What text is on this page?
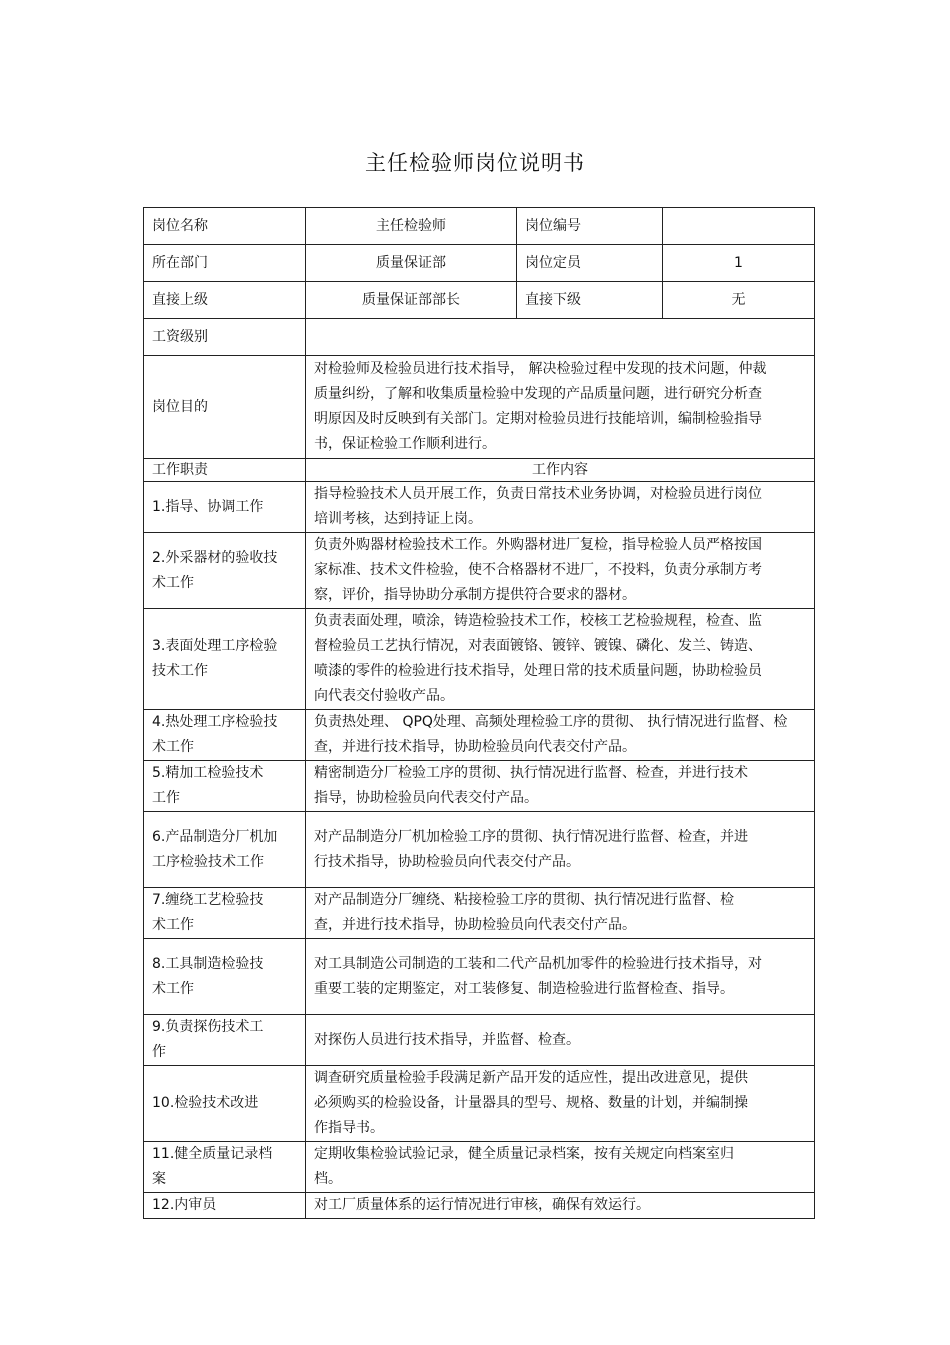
主任检验师岗位说明书
岗位名称	主任检验师	岗位编号	
所在部门	质量保证部	岗位定员	1
直接上级	质量保证部部长	直接下级	无
工资级别			
岗位目的	对检验师及检验员进行技术指导， 解决检验过程中发现的技术问题，仲裁质量纠纷，了解和收集质量检验中发现的产品质量问题，进行研究分析查明原因及时反映到有关部门。定期对检验员进行技能培训，编制检验指导书，保证检验工作顺利进行。		
工作职责	工作内容		
1.指导、协调工作	指导检验技术人员开展工作，负责日常技术业务协调，对检验员进行岗位培训考核，达到持证上岗。		
2.外采器材的验收技术工作	负责外购器材检验技术工作。外购器材进厂复检，指导检验人员严格按国家标准、技术文件检验，使不合格器材不进厂，不投料，负责分承制方考察，评价，指导协助分承制方提供符合要求的器材。		
3.表面处理工序检验技术工作	负责表面处理，喷涂，铸造检验技术工作，校核工艺检验规程，检查、监督检验员工艺执行情况，对表面镀铬、镀锌、镀镍、磷化、发兰、铸造、喷漆的零件的检验进行技术指导，处理日常的技术质量问题，协助检验员向代表交付验收产品。		
4.热处理工序检验技术工作	负责热处理、 QPQ处理、高频处理检验工序的贯彻、 执行情况进行监督、检查，并进行技术指导，协助检验员向代表交付产品。		
5.精加工检验技术工作	精密制造分厂检验工序的贯彻、执行情况进行监督、检查，并进行技术指导，协助检验员向代表交付产品。		
6.产品制造分厂机加工序检验技术工作	对产品制造分厂机加检验工序的贯彻、执行情况进行监督、检查，并进行技术指导，协助检验员向代表交付产品。		
7.缠绕工艺检验技术工作	对产品制造分厂缠绕、粘接检验工序的贯彻、执行情况进行监督、检查，并进行技术指导，协助检验员向代表交付产品。		
8.工具制造检验技术工作	对工具制造公司制造的工装和二代产品机加零件的检验进行技术指导，对重要工装的定期鉴定，对工装修复、制造检验进行监督检查、指导。		
9.负责探伤技术工作	对探伤人员进行技术指导，并监督、检查。		
10.检验技术改进	调查研究质量检验手段满足新产品开发的适应性，提出改进意见，提供必须购买的检验设备，计量器具的型号、规格、数量的计划，并编制操作指导书。		
11.健全质量记录档案	定期收集检验试验记录，健全质量记录档案，按有关规定向档案室归档。		
12.内审员	对工厂质量体系的运行情况进行审核，确保有效运行。		
